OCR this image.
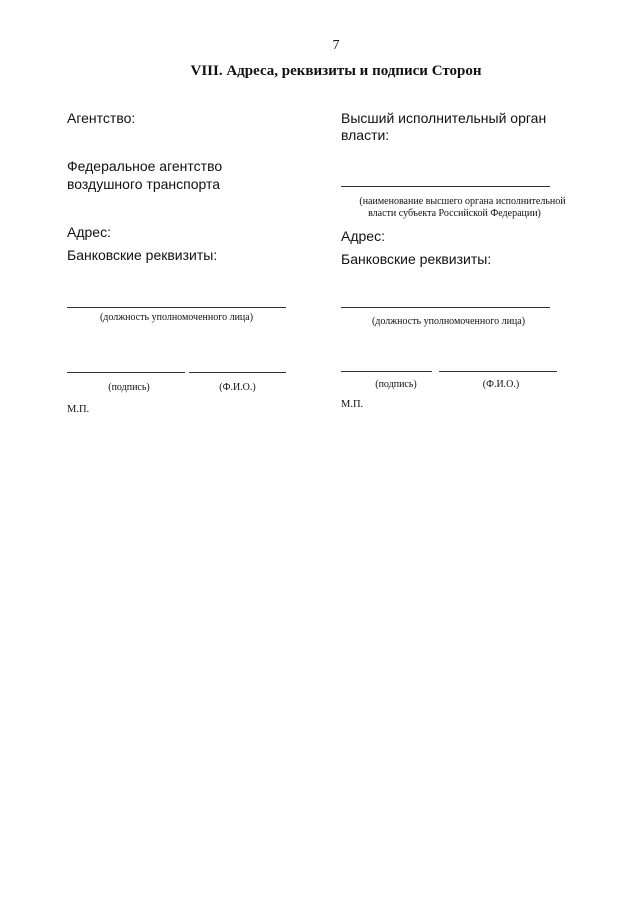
7
VIII. Адреса, реквизиты и подписи Сторон
Агентство:
Федеральное агентство
воздушного транспорта
Адрес:
Банковские реквизиты:
(должность уполномоченного лица)
(подпись)	(Ф.И.О.)
М.П.
Высший исполнительный орган
власти:
(наименование высшего органа исполнительной
власти субъекта Российской Федерации)
Адрес:
Банковские реквизиты:
(должность уполномоченного лица)
(подпись)	(Ф.И.О.)
М.П.
